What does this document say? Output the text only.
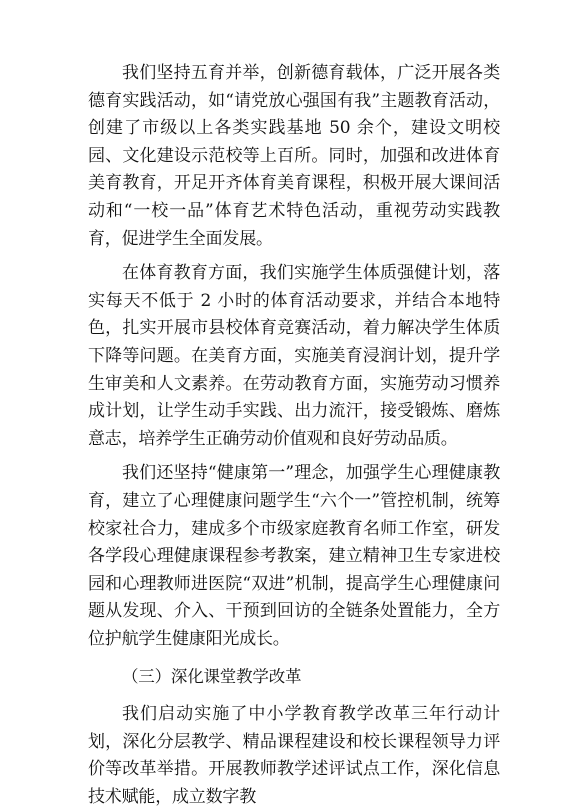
我们坚持五育并举，创新德育载体，广泛开展各类德育实践活动，如“请党放心强国有我”主题教育活动，创建了市级以上各类实践基地 50 余个，建设文明校园、文化建设示范校等上百所。同时，加强和改进体育美育教育，开足开齐体育美育课程，积极开展大课间活动和“一校一品”体育艺术特色活动，重视劳动实践教育，促进学生全面发展。

在体育教育方面，我们实施学生体质强健计划，落实每天不低于 2 小时的体育活动要求，并结合本地特色，扎实开展市县校体育竞赛活动，着力解决学生体质下降等问题。在美育方面，实施美育浸润计划，提升学生审美和人文素养。在劳动教育方面，实施劳动习惯养成计划，让学生动手实践、出力流汗，接受锻炼、磨炼意志，培养学生正确劳动价值观和良好劳动品质。

我们还坚持“健康第一”理念，加强学生心理健康教育，建立了心理健康问题学生“六个一”管控机制，统筹校家社合力，建成多个市级家庭教育名师工作室，研发各学段心理健康课程参考教案，建立精神卫生专家进校园和心理教师进医院“双进”机制，提高学生心理健康问题从发现、介入、干预到回访的全链条处置能力，全方位护航学生健康阳光成长。

（三）深化课堂教学改革

我们启动实施了中小学教育教学改革三年行动计划，深化分层教学、精品课程建设和校长课程领导力评价等改革举措。开展教师教学述评试点工作，深化信息技术赋能，成立数字教
